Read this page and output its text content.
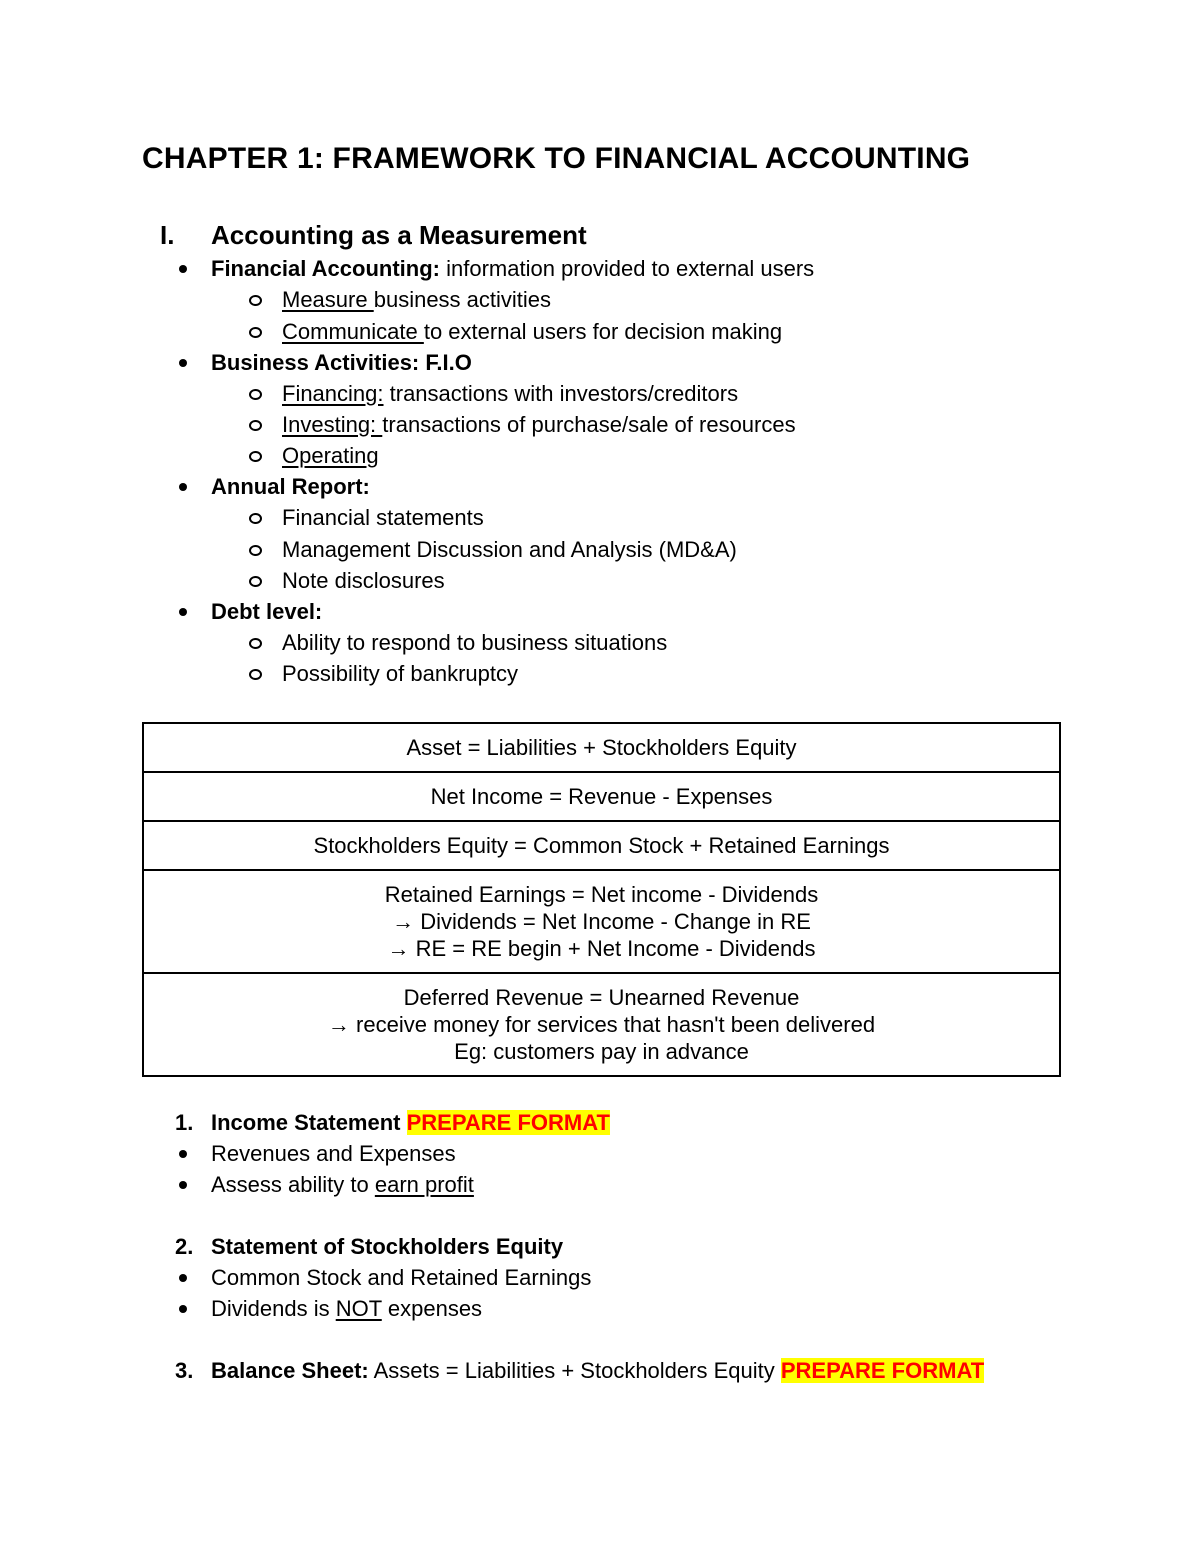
CHAPTER 1: FRAMEWORK TO FINANCIAL ACCOUNTING
I. Accounting as a Measurement
Financial Accounting: information provided to external users
Measure business activities
Communicate to external users for decision making
Business Activities: F.I.O
Financing: transactions with investors/creditors
Investing: transactions of purchase/sale of resources
Operating
Annual Report:
Financial statements
Management Discussion and Analysis (MD&A)
Note disclosures
Debt level:
Ability to respond to business situations
Possibility of bankruptcy
Asset = Liabilities + Stockholders Equity

Net Income = Revenue - Expenses

Stockholders Equity = Common Stock + Retained Earnings

Retained Earnings = Net income - Dividends
→ Dividends = Net Income - Change in RE
→ RE = RE begin + Net Income - Dividends

Deferred Revenue = Unearned Revenue
→ receive money for services that hasn't been delivered
Eg: customers pay in advance
1. Income Statement PREPARE FORMAT
Revenues and Expenses
Assess ability to earn profit
2. Statement of Stockholders Equity
Common Stock and Retained Earnings
Dividends is NOT expenses
3. Balance Sheet: Assets = Liabilities + Stockholders Equity PREPARE FORMAT
